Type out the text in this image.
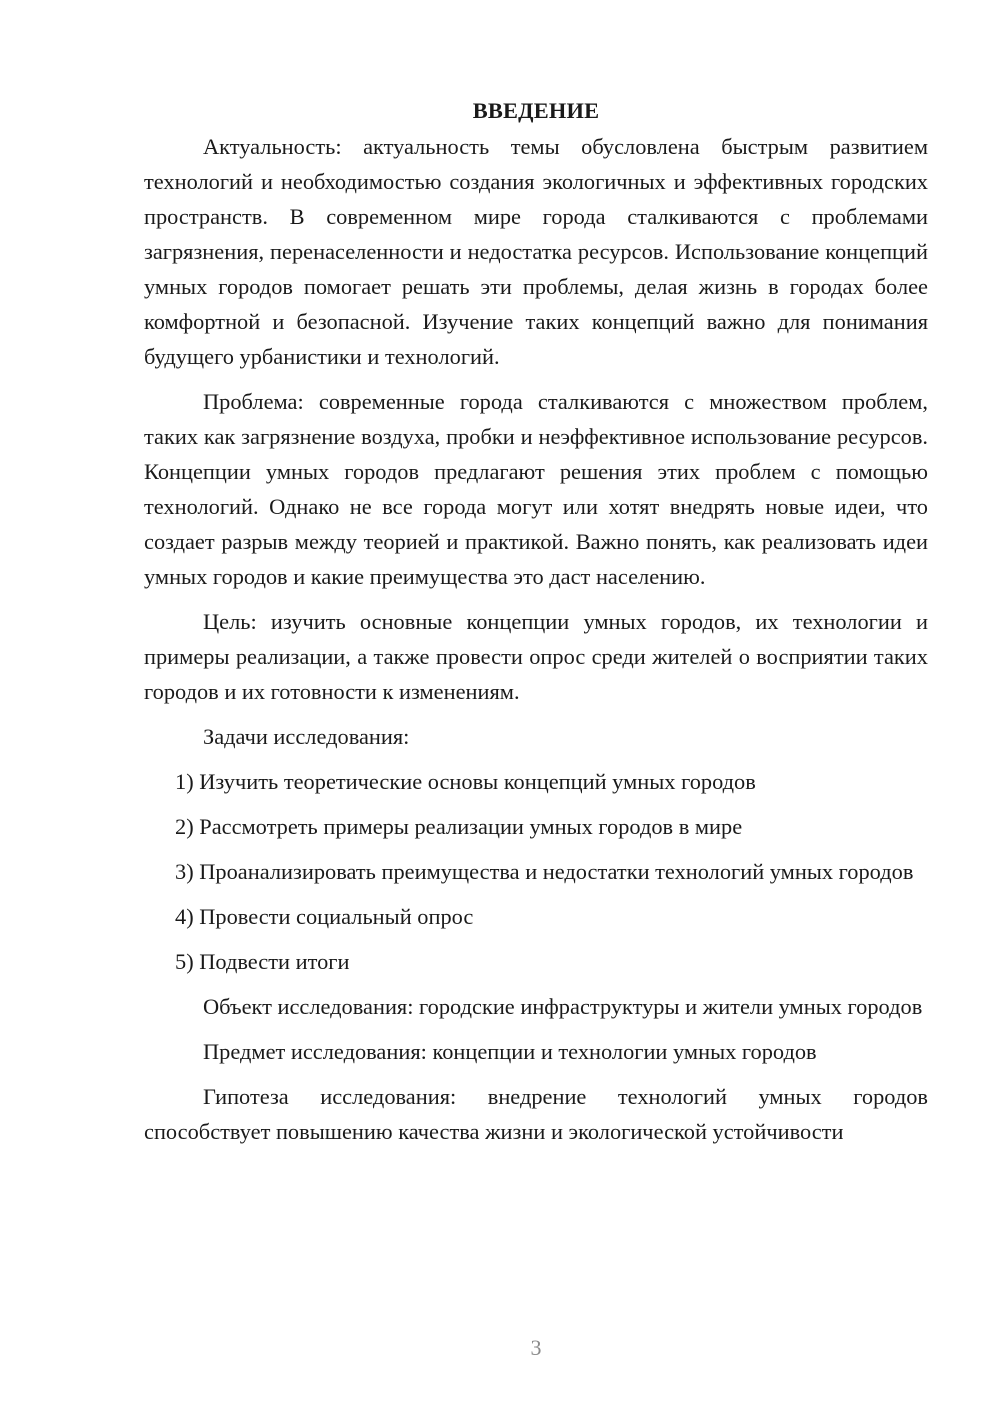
ВВЕДЕНИЕ

Актуальность: актуальность темы обусловлена быстрым развитием технологий и необходимостью создания экологичных и эффективных городских пространств. В современном мире города сталкиваются с проблемами загрязнения, перенаселенности и недостатка ресурсов. Использование концепций умных городов помогает решать эти проблемы, делая жизнь в городах более комфортной и безопасной. Изучение таких концепций важно для понимания будущего урбанистики и технологий.

Проблема: современные города сталкиваются с множеством проблем, таких как загрязнение воздуха, пробки и неэффективное использование ресурсов. Концепции умных городов предлагают решения этих проблем с помощью технологий. Однако не все города могут или хотят внедрять новые идеи, что создает разрыв между теорией и практикой. Важно понять, как реализовать идеи умных городов и какие преимущества это даст населению.

Цель: изучить основные концепции умных городов, их технологии и примеры реализации, а также провести опрос среди жителей о восприятии таких городов и их готовности к изменениям.

Задачи исследования:

1) Изучить теоретические основы концепций умных городов

2) Рассмотреть примеры реализации умных городов в мире

3) Проанализировать преимущества и недостатки технологий умных городов

4) Провести социальный опрос

5) Подвести итоги

Объект исследования: городские инфраструктуры и жители умных городов

Предмет исследования: концепции и технологии умных городов

Гипотеза исследования: внедрение технологий умных городов способствует повышению качества жизни и экологической устойчивости

3
